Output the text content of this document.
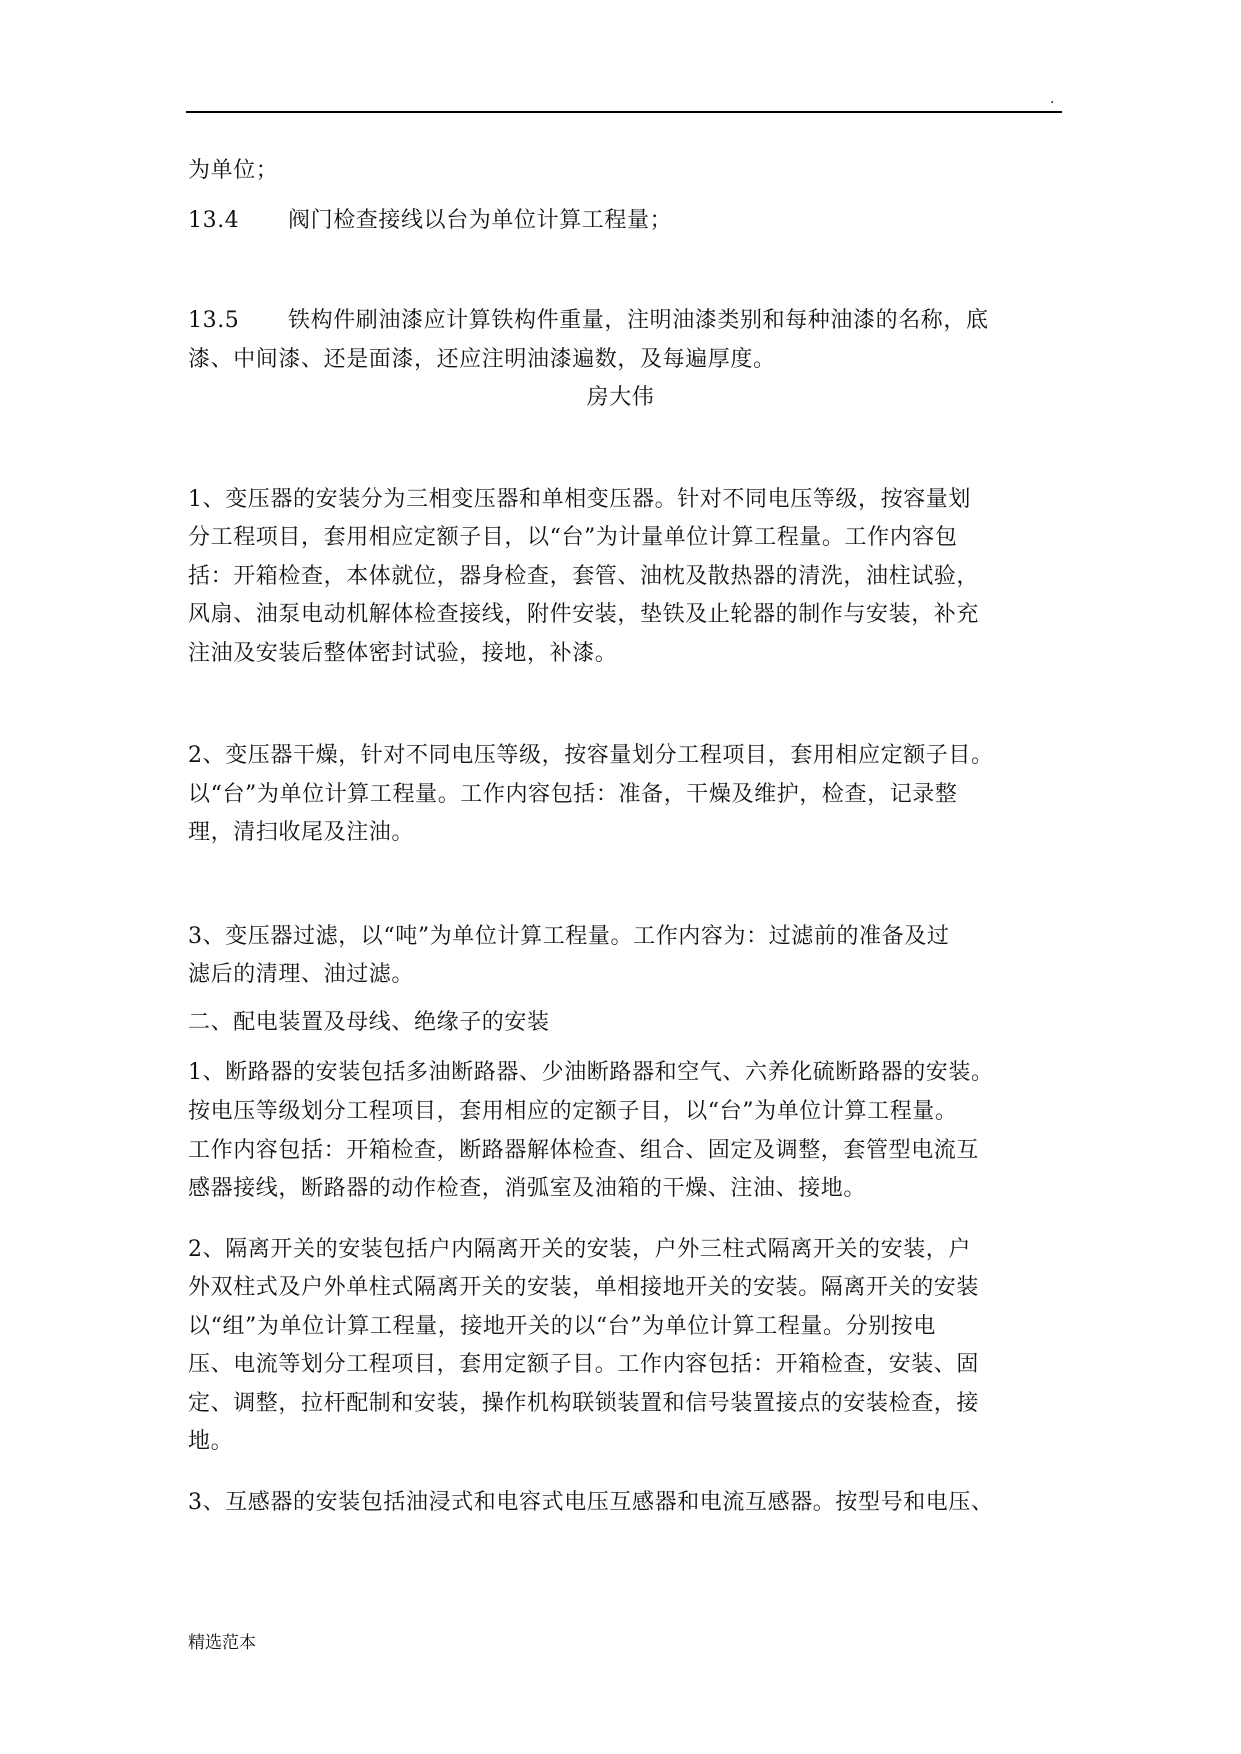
.
为单位；
13.4 阀门检查接线以台为单位计算工程量；
13.5 铁构件刷油漆应计算铁构件重量，注明油漆类别和每种油漆的名称，底
漆、中间漆、还是面漆，还应注明油漆遍数，及每遍厚度。
房大伟
1、变压器的安装分为三相变压器和单相变压器。针对不同电压等级，按容量划
分工程项目，套用相应定额子目，以“台”为计量单位计算工程量。工作内容包
括：开箱检查，本体就位，器身检查，套管、油枕及散热器的清洗，油柱试验，
风扇、油泵电动机解体检查接线，附件安装，垫铁及止轮器的制作与安装，补充
注油及安装后整体密封试验，接地，补漆。
2、变压器干燥，针对不同电压等级，按容量划分工程项目，套用相应定额子目。
以“台”为单位计算工程量。工作内容包括：准备，干燥及维护，检查，记录整
理，清扫收尾及注油。
3、变压器过滤，以“吨”为单位计算工程量。工作内容为：过滤前的准备及过
滤后的清理、油过滤。
二、配电装置及母线、绝缘子的安装
1、断路器的安装包括多油断路器、少油断路器和空气、六养化硫断路器的安装。
按电压等级划分工程项目，套用相应的定额子目，以“台”为单位计算工程量。
工作内容包括：开箱检查，断路器解体检查、组合、固定及调整，套管型电流互
感器接线，断路器的动作检查，消弧室及油箱的干燥、注油、接地。
2、隔离开关的安装包括户内隔离开关的安装，户外三柱式隔离开关的安装，户
外双柱式及户外单柱式隔离开关的安装，单相接地开关的安装。隔离开关的安装
以“组”为单位计算工程量，接地开关的以“台”为单位计算工程量。分别按电
压、电流等划分工程项目，套用定额子目。工作内容包括：开箱检查，安装、固
定、调整，拉杆配制和安装，操作机构联锁装置和信号装置接点的安装检查，接
地。
3、互感器的安装包括油浸式和电容式电压互感器和电流互感器。按型号和电压、
精选范本
